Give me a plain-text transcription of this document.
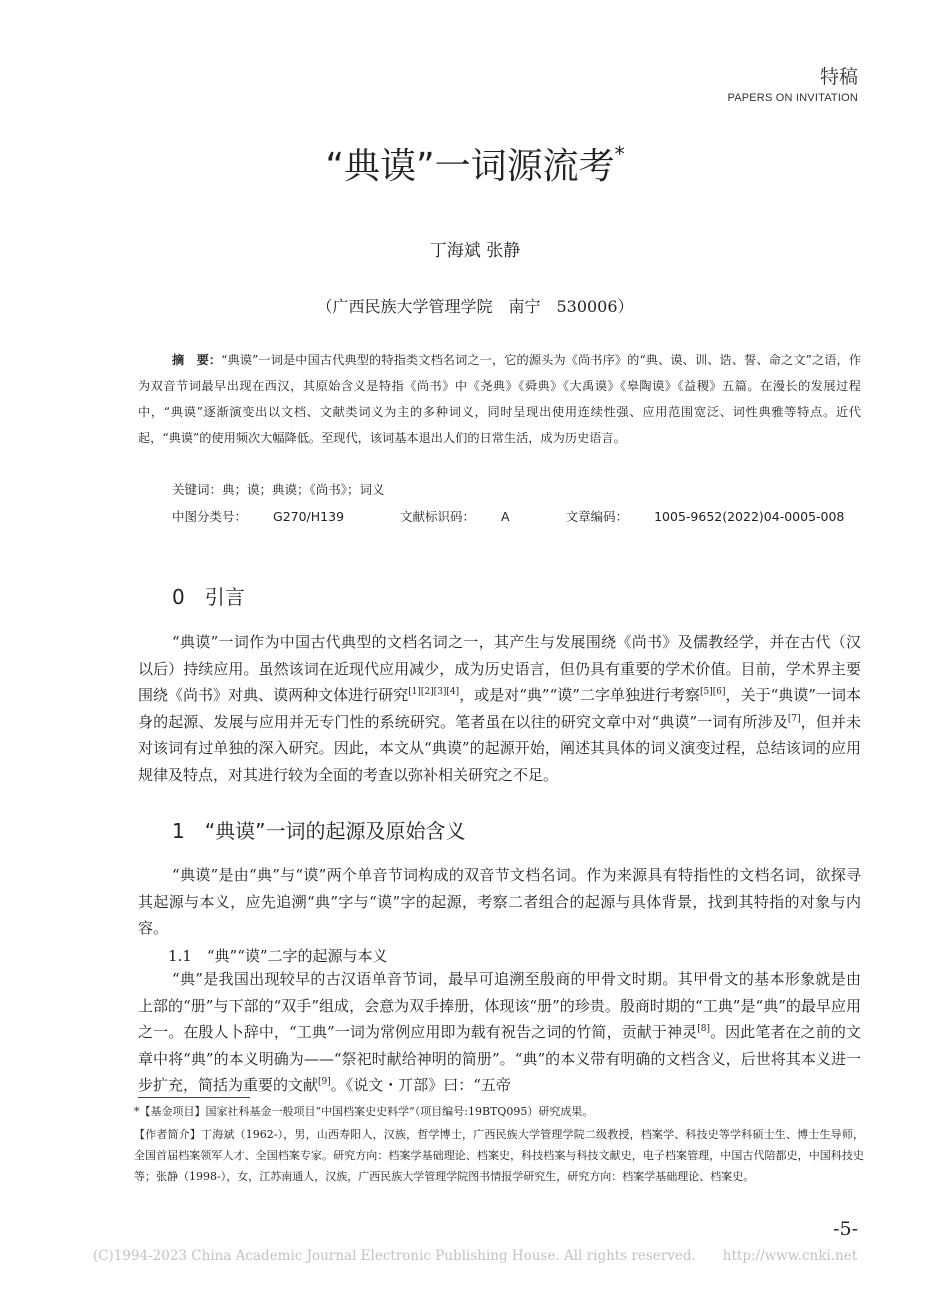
特稿
PAPERS ON INVITATION
“典谟”一词源流考*
丁海斌 张静
（广西民族大学管理学院　南宁　530006）
摘　要：“典谟”一词是中国古代典型的特指类文档名词之一，它的源头为《尚书序》的“典、谟、训、诰、誓、命之文”之语，作为双音节词最早出现在西汉，其原始含义是特指《尚书》中《尧典》《舜典》《大禹谟》《皋陶谟》《益稷》五篇。在漫长的发展过程中，“典谟”逐渐演变出以文档、文献类词义为主的多种词义，同时呈现出使用连续性强、应用范围宽泛、词性典雅等特点。近代起，“典谟”的使用频次大幅降低。至现代，该词基本退出人们的日常生活，成为历史语言。
关键词：典；谟；典谟；《尚书》；词义
中图分类号： G270/H139	文献标识码： A	文章编码： 1005-9652(2022)04-0005-008
0　引言
“典谟”一词作为中国古代典型的文档名词之一，其产生与发展围绕《尚书》及儒教经学，并在古代（汉以后）持续应用。虽然该词在近现代应用减少，成为历史语言，但仍具有重要的学术价值。目前，学术界主要围绕《尚书》对典、谟两种文体进行研究[1][2][3][4]，或是对“典”“谟”二字单独进行考察[5][6]，关于“典谟”一词本身的起源、发展与应用并无专门性的系统研究。笔者虽在以往的研究文章中对“典谟”一词有所涉及[7]，但并未对该词有过单独的深入研究。因此，本文从“典谟”的起源开始，阐述其具体的词义演变过程，总结该词的应用规律及特点，对其进行较为全面的考查以弥补相关研究之不足。
1　“典谟”一词的起源及原始含义
“典谟”是由“典”与“谟”两个单音节词构成的双音节文档名词。作为来源具有特指性的文档名词，欲探寻其起源与本义，应先追溯“典”字与“谟”字的起源，考察二者组合的起源与具体背景，找到其特指的对象与内容。
1.1　“典”“谟”二字的起源与本义
“典”是我国出现较早的古汉语单音节词，最早可追溯至殷商的甲骨文时期。其甲骨文的基本形象就是由上部的“册”与下部的“双手”组成，会意为双手捧册，体现该“册”的珍贵。殷商时期的“工典”是“典”的最早应用之一。在殷人卜辞中，“工典”一词为常例应用即为载有祝告之词的竹简，贡献于神灵[8]。因此笔者在之前的文章中将“典”的本义明确为——“祭祀时献给神明的简册”。“典”的本义带有明确的文档含义，后世将其本义进一步扩充，简括为重要的文献[9]。《说文・丌部》曰：“五帝
*【基金项目】国家社科基金一般项目“中国档案史史料学”（项目编号:19BTQ095）研究成果。
【作者简介】丁海斌（1962-），男，山西寿阳人，汉族，哲学博士，广西民族大学管理学院二级教授，档案学、科技史等学科硕士生、博士生导师，全国首届档案领军人才、全国档案专家。研究方向：档案学基础理论、档案史，科技档案与科技文献史，电子档案管理，中国古代陪都史，中国科技史等；张静（1998-），女，江苏南通人，汉族，广西民族大学管理学院图书情报学研究生，研究方向：档案学基础理论、档案史。
-5-
(C)1994-2023 China Academic Journal Electronic Publishing House. All rights reserved.　　http://www.cnki.net
